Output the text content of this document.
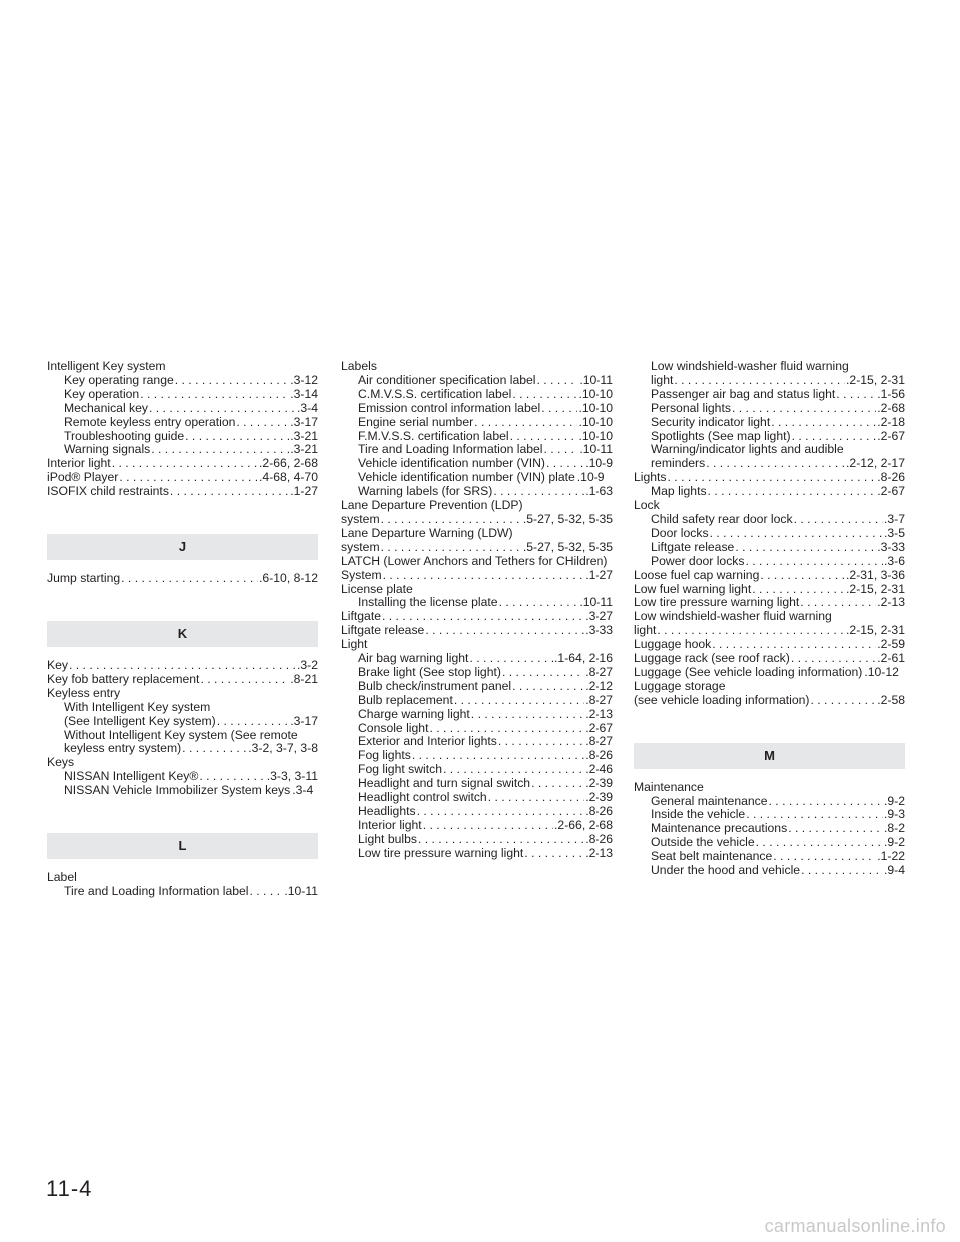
Intelligent Key system
Key operating range . . .	.3-12
Key operation . . .	.3-14
Mechanical key . . .	.3-4
Remote keyless entry operation . . .	.3-17
Troubleshooting guide . . .	.3-21
Warning signals . . .	.3-21
Interior light . . .	.2-66, 2-68
iPod® Player . . .	.4-68, 4-70
ISOFIX child restraints . . .	.1-27
J
Jump starting . . .	.6-10, 8-12
K
Key . . .	.3-2
Key fob battery replacement . . .	.8-21
Keyless entry
With Intelligent Key system
(See Intelligent Key system) . . .	.3-17
Without Intelligent Key system (See remote
keyless entry system) . . .	.3-2, 3-7, 3-8
Keys
NISSAN Intelligent Key® . . .	.3-3, 3-11
NISSAN Vehicle Immobilizer System keys .3-4
L
Label
Tire and Loading Information label . . .	.10-11
Labels
Air conditioner specification label . . .	.10-11
C.M.V.S.S. certification label . . .	.10-10
Emission control information label . . .	.10-10
Engine serial number . . .	.10-10
F.M.V.S.S. certification label . . .	.10-10
Tire and Loading Information label . . .	.10-11
Vehicle identification number (VIN) . . .	.10-9
Vehicle identification number (VIN) plate .10-9
Warning labels (for SRS) . . .	.1-63
Lane Departure Prevention (LDP)
system . . .	.5-27, 5-32, 5-35
Lane Departure Warning (LDW)
system . . .	.5-27, 5-32, 5-35
LATCH (Lower Anchors and Tethers for CHildren)
System . . .	.1-27
License plate
Installing the license plate . . .	.10-11
Liftgate . . .	.3-27
Liftgate release . . .	.3-33
Light
Air bag warning light . . .	.1-64, 2-16
Brake light (See stop light) . . .	.8-27
Bulb check/instrument panel . . .	.2-12
Bulb replacement . . .	.8-27
Charge warning light . . .	.2-13
Console light . . .	.2-67
Exterior and Interior lights . . .	.8-27
Fog lights . . .	.8-26
Fog light switch . . .	.2-46
Headlight and turn signal switch . . .	.2-39
Headlight control switch . . .	.2-39
Headlights . . .	.8-26
Interior light . . .	.2-66, 2-68
Light bulbs . . .	.8-26
Low tire pressure warning light . . .	.2-13
Low windshield-washer fluid warning
light . . .	.2-15, 2-31
Passenger air bag and status light . . .	.1-56
Personal lights . . .	.2-68
Security indicator light . . .	.2-18
Spotlights (See map light) . . .	.2-67
Warning/indicator lights and audible
reminders . . .	.2-12, 2-17
Lights . . .	.8-26
Map lights . . .	.2-67
Lock
Child safety rear door lock . . .	.3-7
Door locks . . .	.3-5
Liftgate release . . .	.3-33
Power door locks . . .	.3-6
Loose fuel cap warning . . .	.2-31, 3-36
Low fuel warning light . . .	.2-15, 2-31
Low tire pressure warning light . . .	.2-13
Low windshield-washer fluid warning
light . . .	.2-15, 2-31
Luggage hook . . .	.2-59
Luggage rack (see roof rack) . . .	.2-61
Luggage (See vehicle loading information) .10-12
Luggage storage
(see vehicle loading information) . . .	.2-58
M
Maintenance
General maintenance . . .	.9-2
Inside the vehicle . . .	.9-3
Maintenance precautions . . .	.8-2
Outside the vehicle . . .	.9-2
Seat belt maintenance . . .	.1-22
Under the hood and vehicle . . .	.9-4
11-4
carmanualsonline.info
